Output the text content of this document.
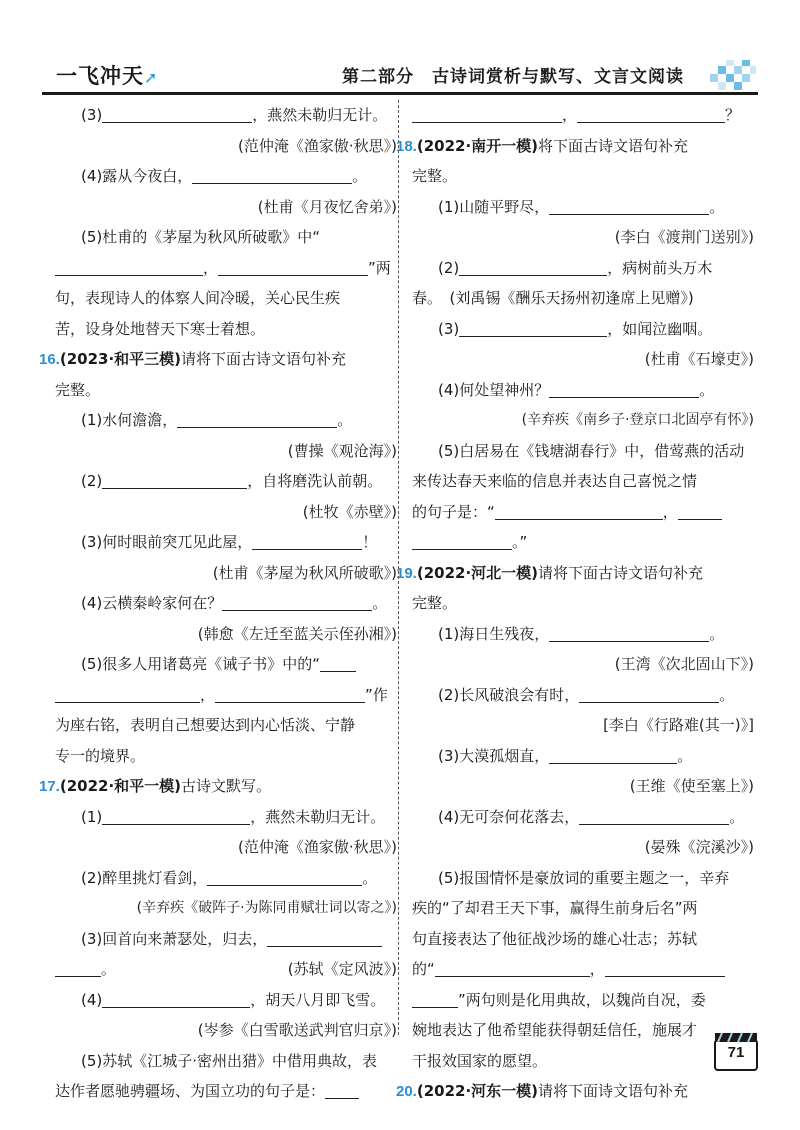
一飞冲天➚	第二部分　古诗词赏析与默写、文言文阅读
(3)	，燕然未勒归无计。
(范仲淹《渔家傲·秋思》)
(4)露从今夜白，	。
(杜甫《月夜忆舍弟》)
(5)杜甫的《茅屋为秋风所破歌》中“
，	”两
句，表现诗人的体察人间冷暖，关心民生疾
苦，设身处地替天下寒士着想。
16.(2023·和平三模)请将下面古诗文语句补充
完整。
(1)水何澹澹，	。
(曹操《观沧海》)
(2)	，自将磨洗认前朝。
(杜牧《赤壁》)
(3)何时眼前突兀见此屋，	！
(杜甫《茅屋为秋风所破歌》)
(4)云横秦岭家何在？	。
(韩愈《左迁至蓝关示侄孙湘》)
(5)很多人用诸葛亮《诫子书》中的“
，	”作
为座右铭，表明自己想要达到内心恬淡、宁静
专一的境界。
17.(2022·和平一模)古诗文默写。
(1)	，燕然未勒归无计。
(范仲淹《渔家傲·秋思》)
(2)醉里挑灯看剑，	。
(辛弃疾《破阵子·为陈同甫赋壮词以寄之》)
(3)回首向来萧瑟处，归去，
。	(苏轼《定风波》)
(4)	，胡天八月即飞雪。
(岑参《白雪歌送武判官归京》)
(5)苏轼《江城子·密州出猎》中借用典故，表
达作者愿驰骋疆场、为国立功的句子是：
，	？
18.(2022·南开一模)将下面古诗文语句补充
完整。
(1)山随平野尽，	。
(李白《渡荆门送别》)
(2)	，病树前头万木
春。　 (刘禹锡《酬乐天扬州初逢席上见赠》)
(3)	，如闻泣幽咽。
(杜甫《石壕吏》)
(4)何处望神州？	。
(辛弃疾《南乡子·登京口北固亭有怀》)
(5)白居易在《钱塘湖春行》中，借莺燕的活动
来传达春天来临的信息并表达自己喜悦之情
的句子是：“	，
。”
19.(2022·河北一模)请将下面古诗文语句补充
完整。
(1)海日生残夜，	。
(王湾《次北固山下》)
(2)长风破浪会有时，	。
[李白《行路难(其一)》]
(3)大漠孤烟直，	。
(王维《使至塞上》)
(4)无可奈何花落去，	。
(晏殊《浣溪沙》)
(5)报国情怀是豪放词的重要主题之一，辛弃
疾的“了却君王天下事，赢得生前身后名”两
句直接表达了他征战沙场的雄心壮志；苏轼
的“	，
”两句则是化用典故，以魏尚自况，委
婉地表达了他希望能获得朝廷信任，施展才
干报效国家的愿望。
20.(2022·河东一模)请将下面诗文语句补充
71
